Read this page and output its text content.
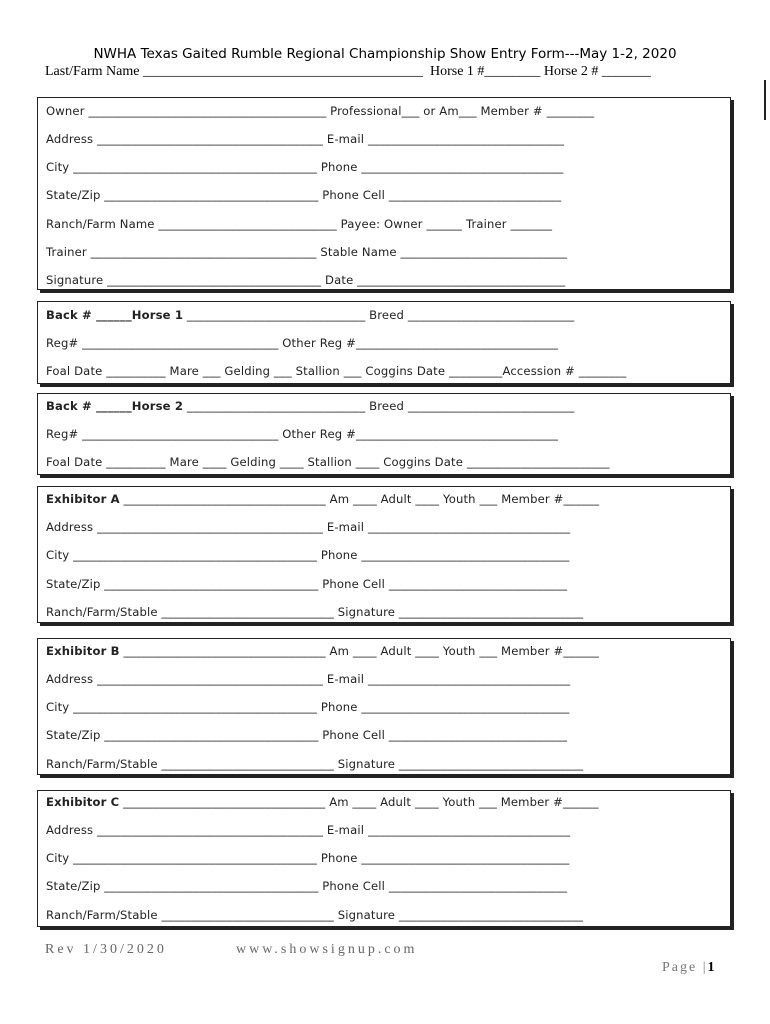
NWHA Texas Gaited Rumble Regional Championship Show Entry Form---May 1-2, 2020
Last/Farm Name ________________________________________  Horse 1 #________ Horse 2 # _______
Owner ________________________________________ Professional___ or Am___ Member # ________
Address ______________________________________ E-mail _________________________________
City _________________________________________ Phone __________________________________
State/Zip ____________________________________ Phone Cell _____________________________
Ranch/Farm Name ______________________________ Payee: Owner ______ Trainer _______
Trainer ______________________________________ Stable Name ____________________________
Signature ____________________________________ Date ___________________________________
Back # ______Horse 1 ______________________________ Breed ____________________________
Reg# _________________________________ Other Reg #__________________________________
Foal Date __________ Mare ___ Gelding ___ Stallion ___ Coggins Date _________Accession # ________
Back # ______Horse 2 ______________________________ Breed ____________________________
Reg# _________________________________ Other Reg #__________________________________
Foal Date __________ Mare ____ Gelding ____ Stallion ____ Coggins Date ________________________
Exhibitor A __________________________________ Am ____ Adult ____ Youth ___ Member #______
Address ______________________________________ E-mail __________________________________
City _________________________________________ Phone ___________________________________
State/Zip ____________________________________ Phone Cell ______________________________
Ranch/Farm/Stable _____________________________ Signature _______________________________
Exhibitor B __________________________________ Am ____ Adult ____ Youth ___ Member #______
Address ______________________________________ E-mail __________________________________
City _________________________________________ Phone ___________________________________
State/Zip ____________________________________ Phone Cell ______________________________
Ranch/Farm/Stable _____________________________ Signature _______________________________
Exhibitor C __________________________________ Am ____ Adult ____ Youth ___ Member #______
Address ______________________________________ E-mail __________________________________
City _________________________________________ Phone ___________________________________
State/Zip ____________________________________ Phone Cell ______________________________
Ranch/Farm/Stable _____________________________ Signature _______________________________
Rev 1/30/2020	www.showsignup.com
Page |1
